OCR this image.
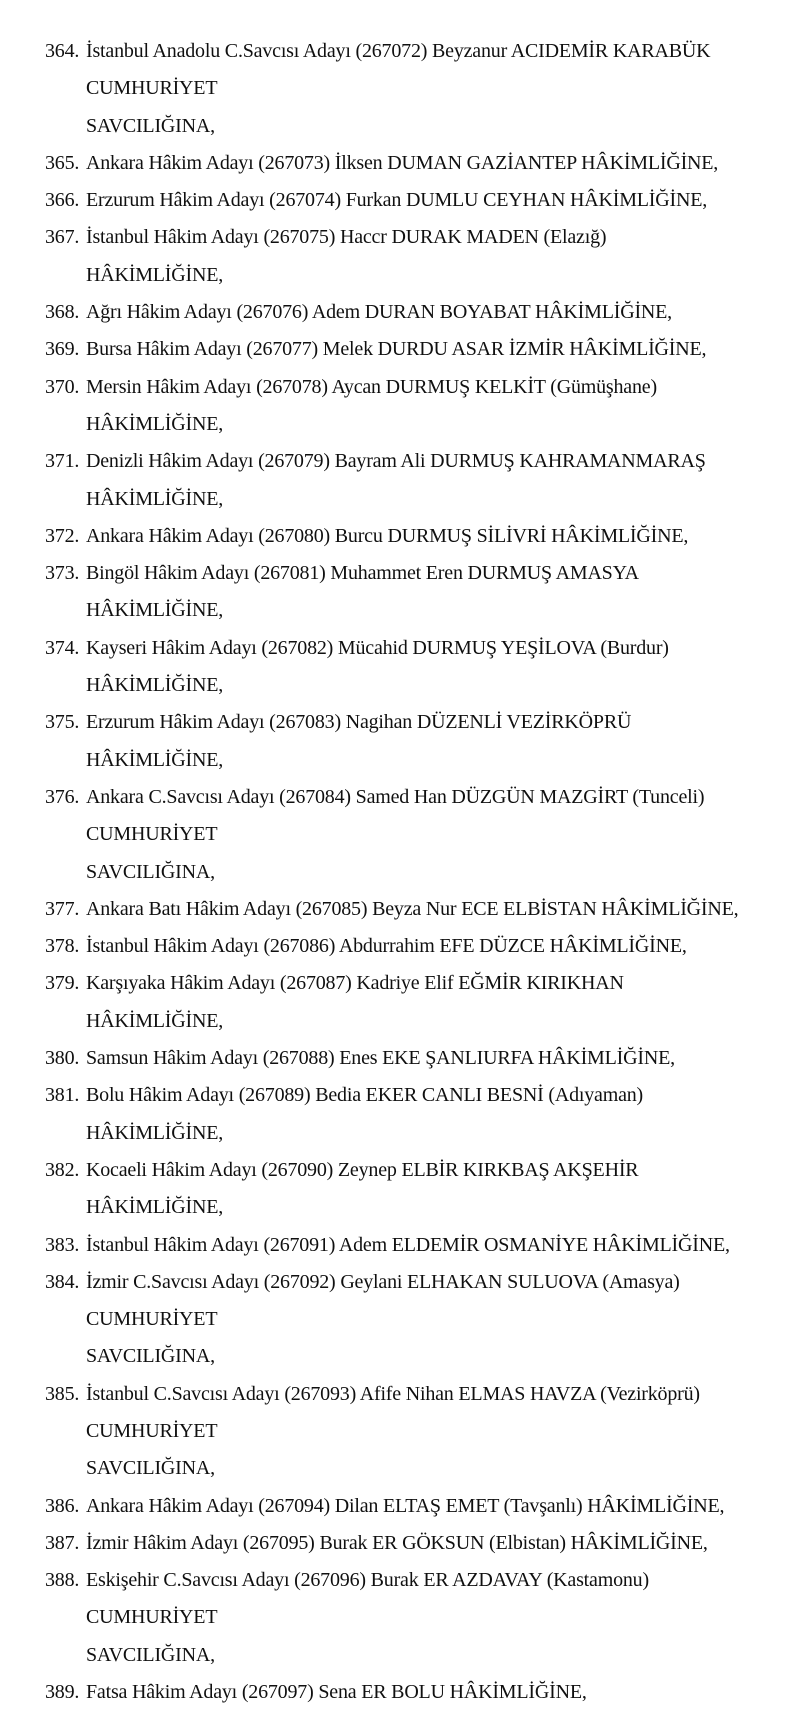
364. İstanbul Anadolu C.Savcısı Adayı (267072) Beyzanur ACIDEMİR KARABÜK CUMHURİYET
SAVCILIĞINA,
365. Ankara Hâkim Adayı (267073) İlksen DUMAN GAZİANTEP HÂKİMLİĞİNE,
366. Erzurum Hâkim Adayı (267074) Furkan DUMLU CEYHAN HÂKİMLİĞİNE,
367. İstanbul Hâkim Adayı (267075) Haccr DURAK MADEN (Elazığ) HÂKİMLİĞİNE,
368. Ağrı Hâkim Adayı (267076) Adem DURAN BOYABAT HÂKİMLİĞİNE,
369. Bursa Hâkim Adayı (267077) Melek DURDU ASAR İZMİR HÂKİMLİĞİNE,
370. Mersin Hâkim Adayı (267078) Aycan DURMUŞ KELKİT (Gümüşhane) HÂKİMLİĞİNE,
371. Denizli Hâkim Adayı (267079) Bayram Ali DURMUŞ KAHRAMANMARAŞ HÂKİMLİĞİNE,
372. Ankara Hâkim Adayı (267080) Burcu DURMUŞ SİLİVRİ HÂKİMLİĞİNE,
373. Bingöl Hâkim Adayı (267081) Muhammet Eren DURMUŞ AMASYA HÂKİMLİĞİNE,
374. Kayseri Hâkim Adayı (267082) Mücahid DURMUŞ YEŞİLOVA (Burdur) HÂKİMLİĞİNE,
375. Erzurum Hâkim Adayı (267083) Nagihan DÜZENLİ VEZİRKÖPRÜ HÂKİMLİĞİNE,
376. Ankara C.Savcısı Adayı (267084) Samed Han DÜZGÜN MAZGİRT (Tunceli) CUMHURİYET
SAVCILIĞINA,
377. Ankara Batı Hâkim Adayı (267085) Beyza Nur ECE ELBİSTAN HÂKİMLİĞİNE,
378. İstanbul Hâkim Adayı (267086) Abdurrahim EFE DÜZCE HÂKİMLİĞİNE,
379. Karşıyaka Hâkim Adayı (267087) Kadriye Elif EĞMİR KIRIKHAN HÂKİMLİĞİNE,
380. Samsun Hâkim Adayı (267088) Enes EKE ŞANLIURFA HÂKİMLİĞİNE,
381. Bolu Hâkim Adayı (267089) Bedia EKER CANLI BESNİ (Adıyaman) HÂKİMLİĞİNE,
382. Kocaeli Hâkim Adayı (267090) Zeynep ELBİR KIRKBAŞ AKŞEHİR HÂKİMLİĞİNE,
383. İstanbul Hâkim Adayı (267091) Adem ELDEMİR OSMANİYE HÂKİMLİĞİNE,
384. İzmir C.Savcısı Adayı (267092) Geylani ELHAKAN SULUOVA (Amasya) CUMHURİYET
SAVCILIĞINA,
385. İstanbul C.Savcısı Adayı (267093) Afife Nihan ELMAS HAVZA (Vezirköprü) CUMHURİYET
SAVCILIĞINA,
386. Ankara Hâkim Adayı (267094) Dilan ELTAŞ EMET (Tavşanlı) HÂKİMLİĞİNE,
387. İzmir Hâkim Adayı (267095) Burak ER GÖKSUN (Elbistan) HÂKİMLİĞİNE,
388. Eskişehir C.Savcısı Adayı (267096) Burak ER AZDAVAY (Kastamonu) CUMHURİYET
SAVCILIĞINA,
389. Fatsa Hâkim Adayı (267097) Sena ER BOLU HÂKİMLİĞİNE,
